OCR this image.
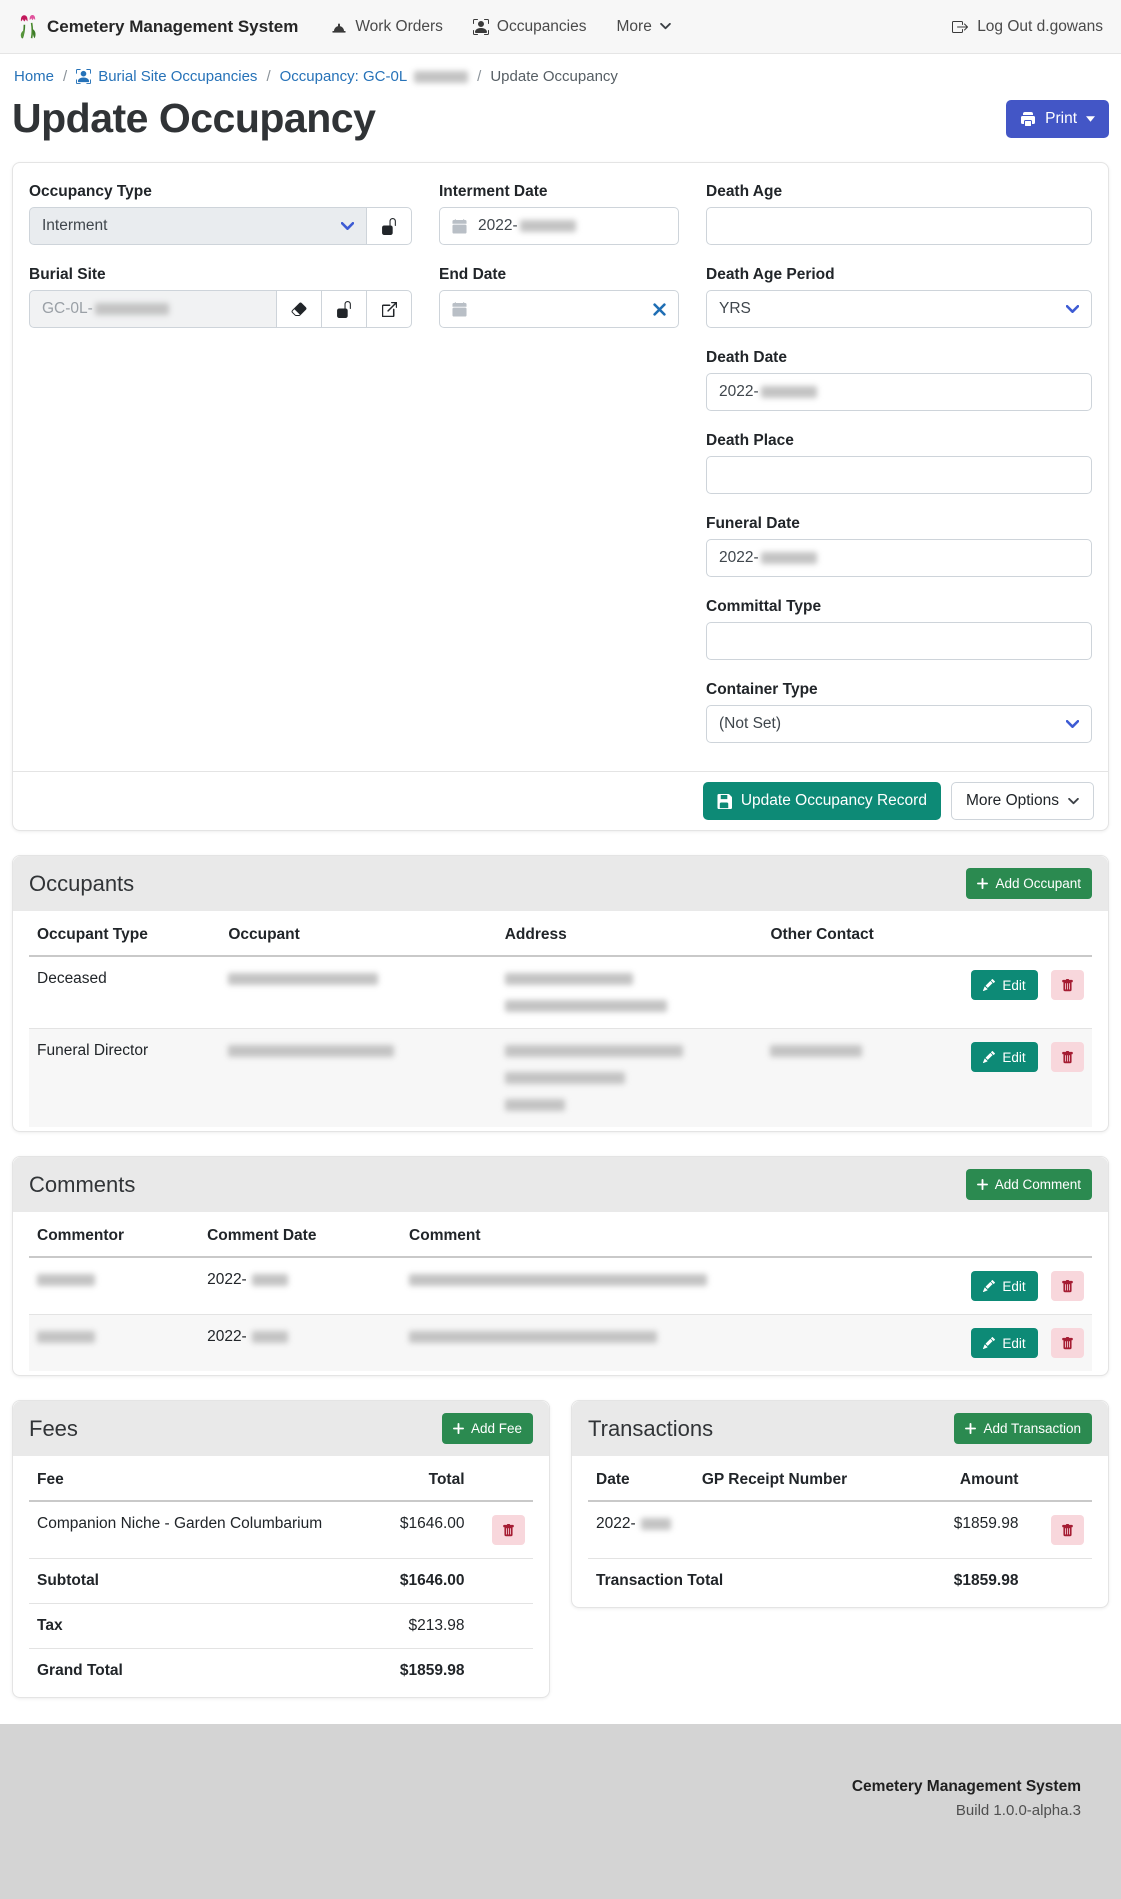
Cemetery Management System	Work Orders	Occupancies More	Log Out d.gowans
Home / Burial Site Occupancies / Occupancy: GC-0L	/ Update Occupancy
Update Occupancy	Print
Occupancy Type
Interment
Burial Site
GC-0L-
Interment Date
2022-
End Date
Death Age
Death Age Period
YRS
Death Date
2022-
Death Place
Funeral Date
2022-
Committal Type
Container Type
(Not Set)
Update Occupancy Record	More Options
Occupants	Add Occupant
Occupant Type	Occupant	Address	Other Contact	
Deceased				Edit

Funeral Director				Edit

Comments	Add Comment
Commentor	Comment Date	Comment	
	2022-		Edit

	2022-		Edit

Fees	Add Fee
Fee	Total	
Companion Niche - Garden Columbarium	$1646.00	

Subtotal	$1646.00	
Tax	$213.98	
Grand Total	$1859.98	
Transactions	Add Transaction
Date	GP Receipt Number	Amount	
2022-		$1859.98	

Transaction Total		$1859.98	
Cemetery Management System
Build 1.0.0-alpha.3
